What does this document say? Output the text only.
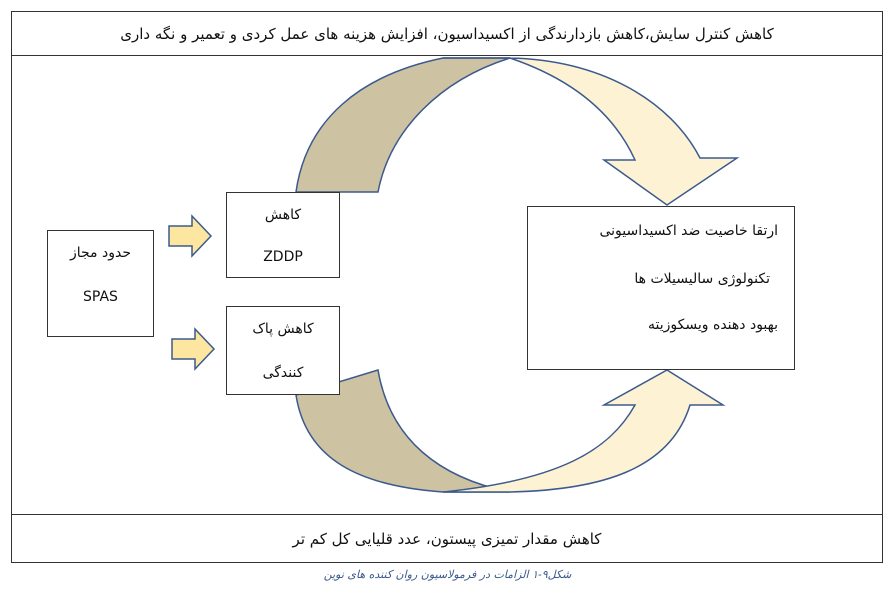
کاهش کنترل سایش،کاهش بازدارندگی از اکسیداسیون، افزایش هزینه های عمل کردی و تعمیر و نگه داری
کاهش مقدار تمیزی پیستون، عدد قلیایی کل کم تر
حدود مجاز
SPAS
کاهش
ZDDP
کاهش پاک
کنندگی
ارتقا خاصیت ضد اکسیداسیونی
تکنولوژی سالیسیلات ها
بهبود دهنده ویسکوزیته
شکل۹-۱ الزامات در فرمولاسیون روان کننده های نوین
